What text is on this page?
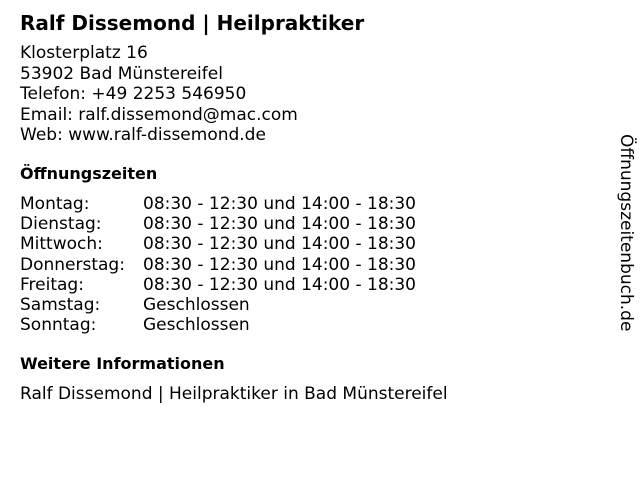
Ralf Dissemond | Heilpraktiker
Klosterplatz 16
53902 Bad Münstereifel
Telefon: +49 2253 546950
Email: ralf.dissemond@mac.com
Web: www.ralf-dissemond.de
Öffnungszeiten
Montag:	08:30 - 12:30 und 14:00 - 18:30
Dienstag: 08:30 - 12:30 und 14:00 - 18:30
Mittwoch: 08:30 - 12:30 und 14:00 - 18:30
Donnerstag: 08:30 - 12:30 und 14:00 - 18:30
Freitag:	08:30 - 12:30 und 14:00 - 18:30
Samstag:	Geschlossen
Sonntag:	Geschlossen
Weitere Informationen
Ralf Dissemond | Heilpraktiker in Bad Münstereifel
Öffnungszeitenbuch.de
